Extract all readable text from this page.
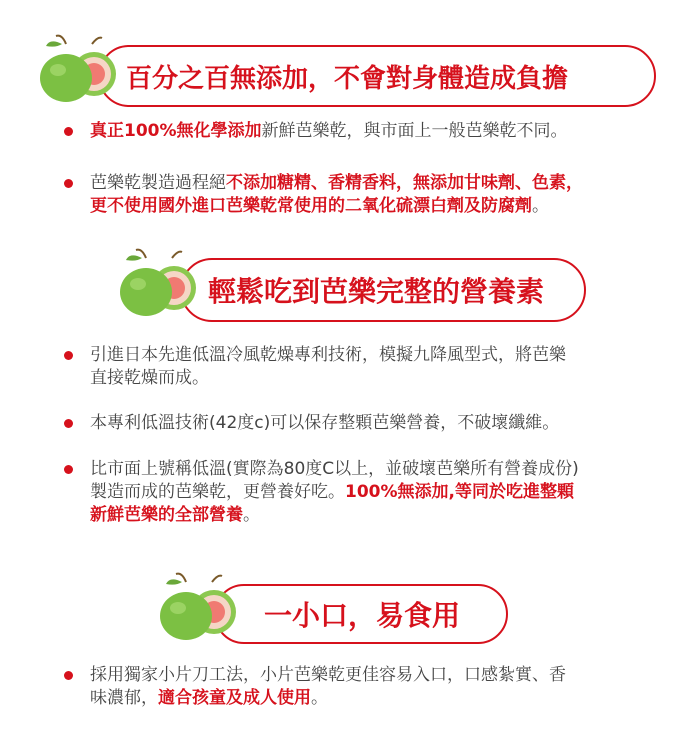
百分之百無添加，不會對身體造成負擔
真正100%無化學添加新鮮芭樂乾，與市面上一般芭樂乾不同。
芭樂乾製造過程絕不添加糖精、香精香料，無添加甘味劑、色素，
更不使用國外進口芭樂乾常使用的二氧化硫漂白劑及防腐劑。
輕鬆吃到芭樂完整的營養素
引進日本先進低溫冷風乾燥專利技術，模擬九降風型式，將芭樂
直接乾燥而成。
本專利低溫技術(42度c)可以保存整顆芭樂營養，不破壞纖維。
比市面上號稱低溫(實際為80度C以上，並破壞芭樂所有營養成份)
製造而成的芭樂乾，更營養好吃。100%無添加,等同於吃進整顆
新鮮芭樂的全部營養。
一小口，易食用
採用獨家小片刀工法，小片芭樂乾更佳容易入口，口感紮實、香
味濃郁，適合孩童及成人使用。
